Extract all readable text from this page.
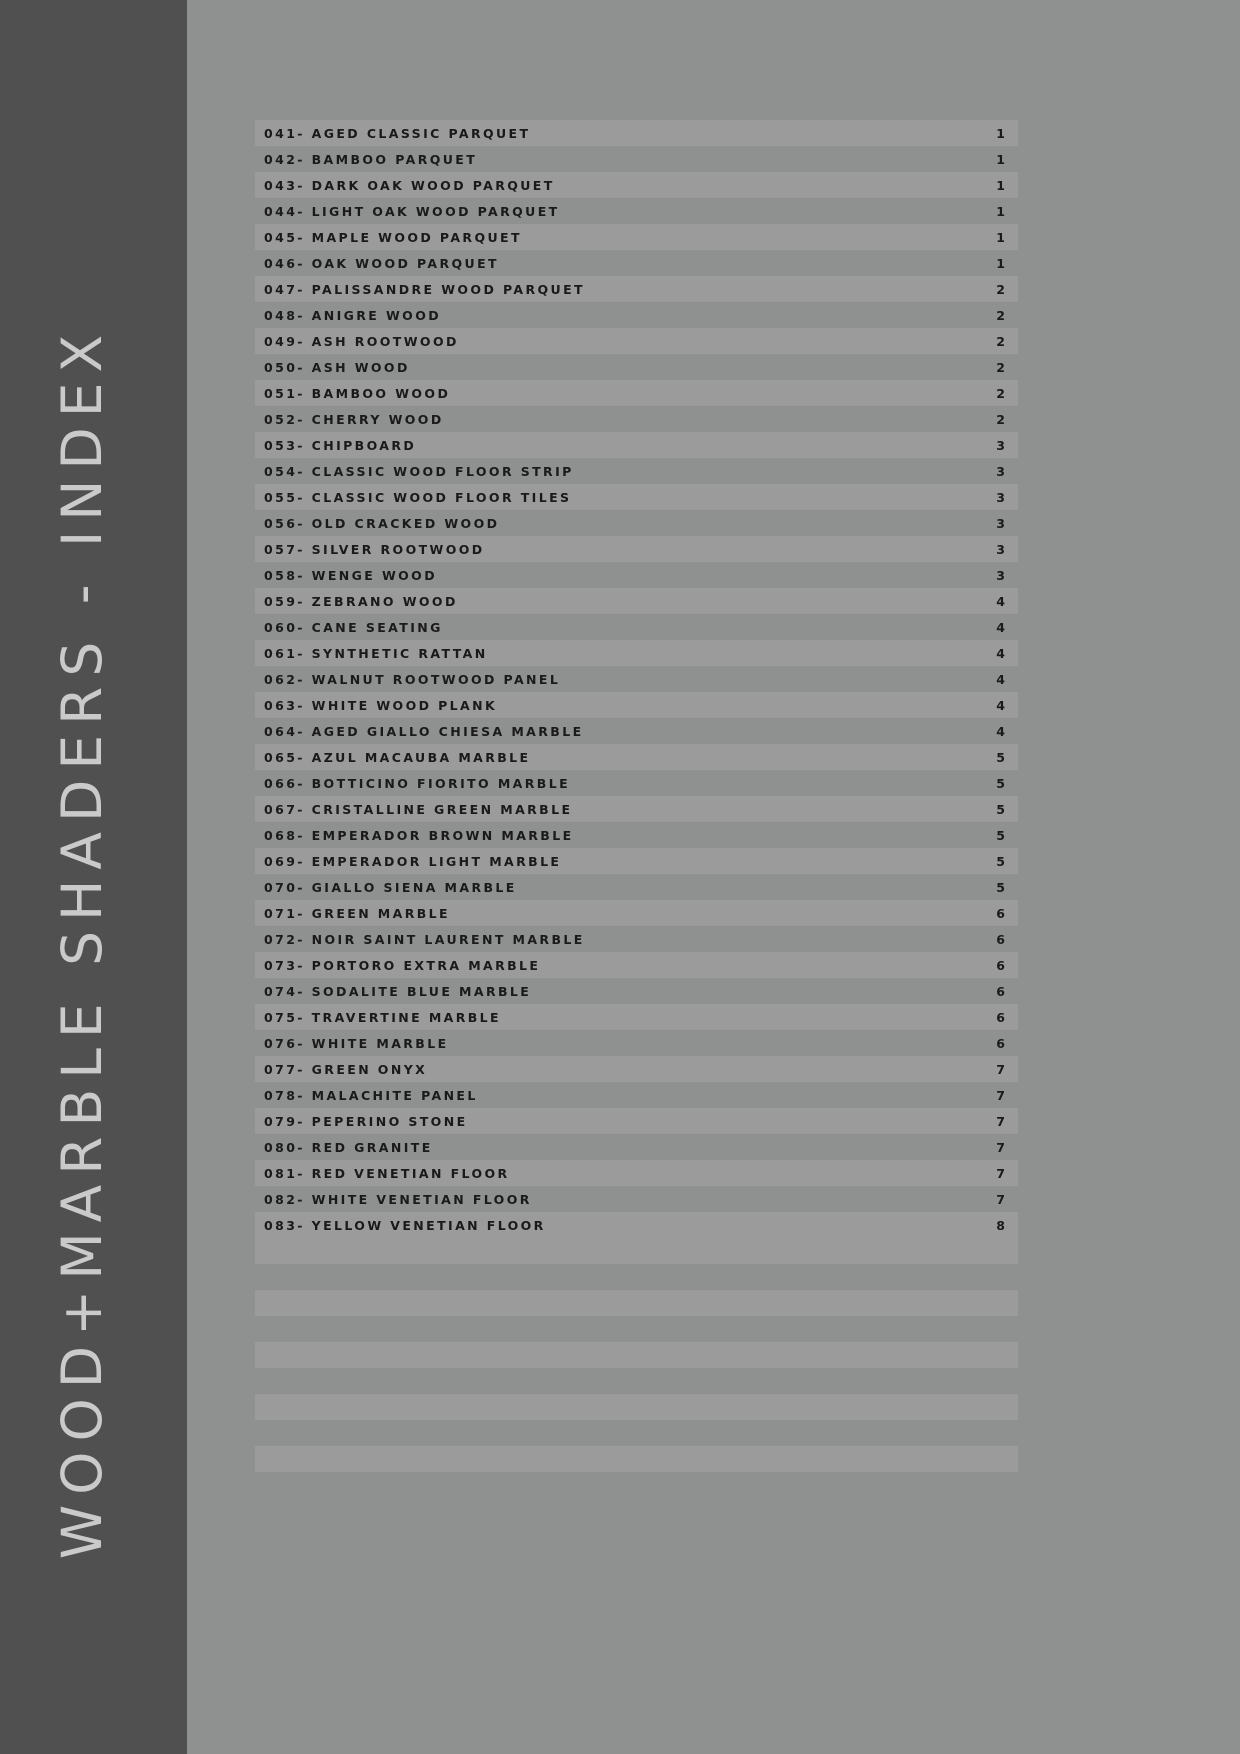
WOOD+MARBLE SHADERS - INDEX
041- AGED CLASSIC PARQUET	1
042- BAMBOO PARQUET	1
043- DARK OAK WOOD PARQUET	1
044- LIGHT OAK WOOD PARQUET	1
045- MAPLE WOOD PARQUET	1
046- OAK WOOD PARQUET	1
047- PALISSANDRE WOOD PARQUET	2
048- ANIGRE WOOD	2
049- ASH ROOTWOOD	2
050- ASH WOOD	2
051- BAMBOO WOOD	2
052- CHERRY WOOD	2
053- CHIPBOARD	3
054- CLASSIC WOOD FLOOR STRIP	3
055- CLASSIC WOOD FLOOR TILES	3
056- OLD CRACKED WOOD	3
057- SILVER ROOTWOOD	3
058- WENGE WOOD	3
059- ZEBRANO WOOD	4
060- CANE SEATING	4
061- SYNTHETIC RATTAN	4
062- WALNUT ROOTWOOD PANEL	4
063- WHITE WOOD PLANK	4
064- AGED GIALLO CHIESA MARBLE	4
065- AZUL MACAUBA MARBLE	5
066- BOTTICINO FIORITO MARBLE	5
067- CRISTALLINE GREEN MARBLE	5
068- EMPERADOR BROWN MARBLE	5
069- EMPERADOR LIGHT MARBLE	5
070- GIALLO SIENA MARBLE	5
071- GREEN MARBLE	6
072- NOIR SAINT LAURENT MARBLE	6
073- PORTORO EXTRA MARBLE	6
074- SODALITE BLUE MARBLE	6
075- TRAVERTINE MARBLE	6
076- WHITE MARBLE	6
077- GREEN ONYX	7
078- MALACHITE PANEL	7
079- PEPERINO STONE	7
080- RED GRANITE	7
081- RED VENETIAN FLOOR	7
082- WHITE VENETIAN FLOOR	7
083- YELLOW VENETIAN FLOOR	8
